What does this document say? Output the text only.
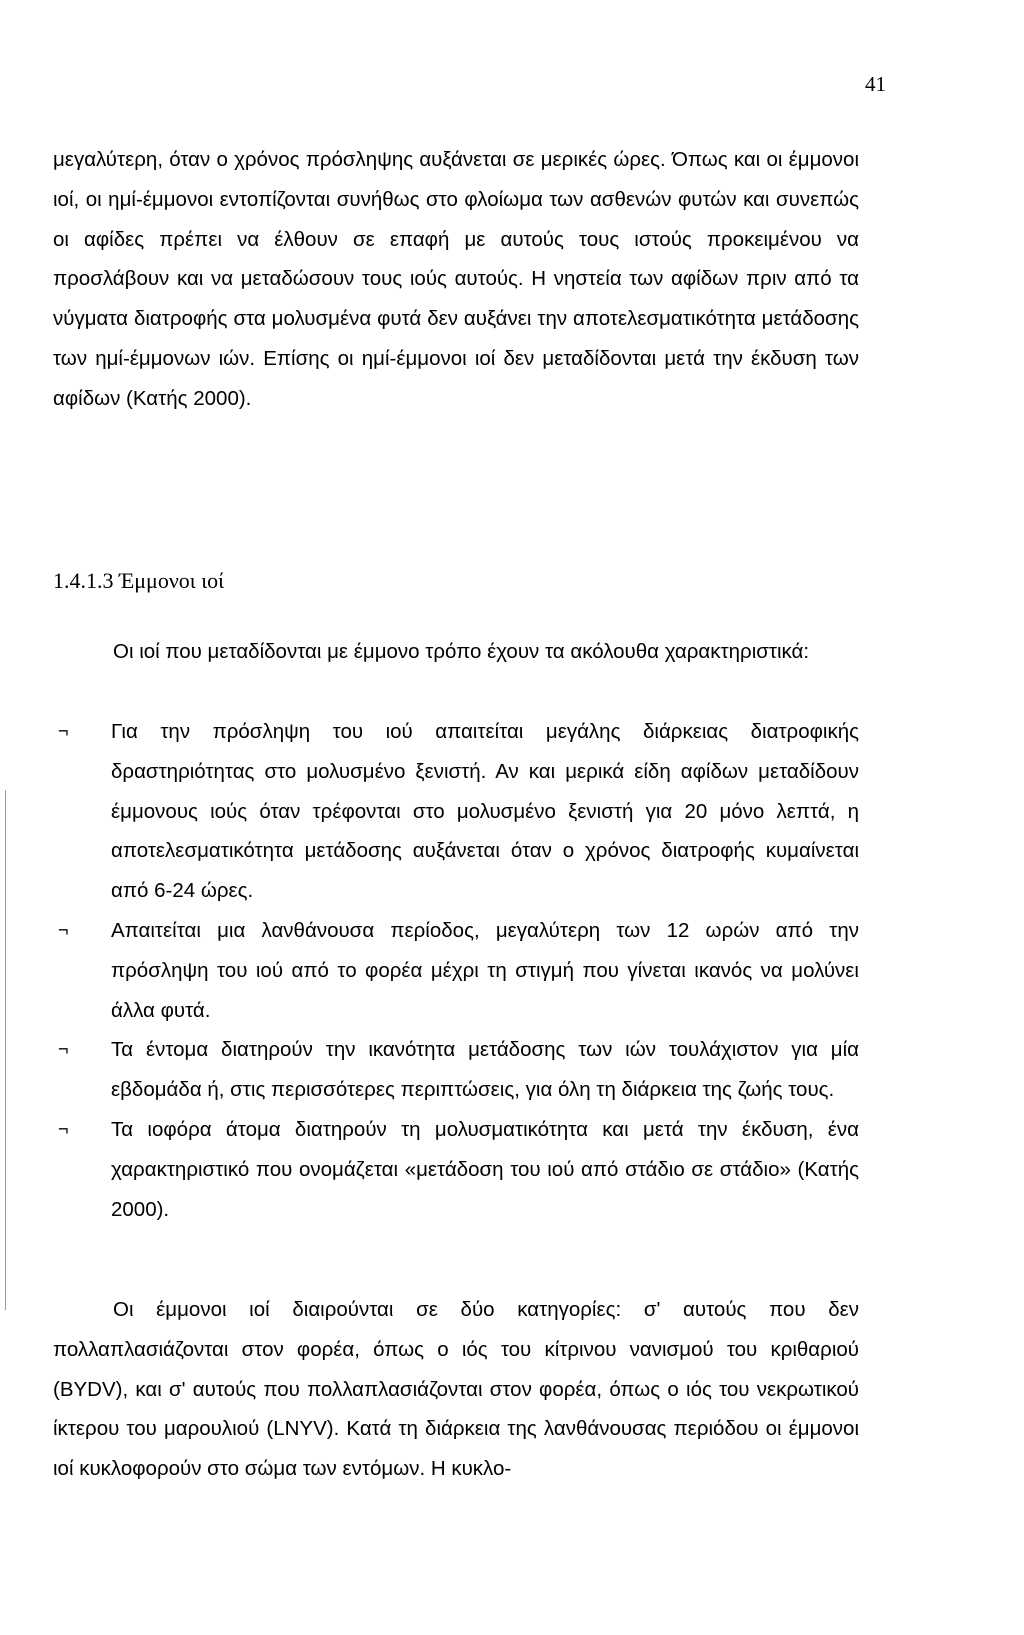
41

μεγαλύτερη, όταν ο χρόνος πρόσληψης αυξάνεται σε μερικές ώρες. Όπως και οι έμμονοι ιοί, οι ημί-έμμονοι εντοπίζονται συνήθως στο φλοίωμα των ασθενών φυτών και συνεπώς οι αφίδες πρέπει να έλθουν σε επαφή με αυτούς τους ιστούς προκειμένου να προσλάβουν και να μεταδώσουν τους ιούς αυτούς. Η νηστεία των αφίδων πριν από τα νύγματα διατροφής στα μολυσμένα φυτά δεν αυξάνει την αποτελεσματικότητα μετάδοσης των ημί-έμμονων ιών. Επίσης οι ημί-έμμονοι ιοί δεν μεταδίδονται μετά την έκδυση των αφίδων (Κατής 2000).

1.4.1.3 Έμμονοι ιοί

Οι ιοί που μεταδίδονται με έμμονο τρόπο έχουν τα ακόλουθα χαρακτηριστικά:

¬ Για την πρόσληψη του ιού απαιτείται μεγάλης διάρκειας διατροφικής δραστηριότητας στο μολυσμένο ξενιστή. Αν και μερικά είδη αφίδων μεταδίδουν έμμονους ιούς όταν τρέφονται στο μολυσμένο ξενιστή για 20 μόνο λεπτά, η αποτελεσματικότητα μετάδοσης αυξάνεται όταν ο χρόνος διατροφής κυμαίνεται από 6-24 ώρες.
¬ Απαιτείται μια λανθάνουσα περίοδος, μεγαλύτερη των 12 ωρών από την πρόσληψη του ιού από το φορέα μέχρι τη στιγμή που γίνεται ικανός να μολύνει άλλα φυτά.
¬ Τα έντομα διατηρούν την ικανότητα μετάδοσης των ιών τουλάχιστον για μία εβδομάδα ή, στις περισσότερες περιπτώσεις, για όλη τη διάρκεια της ζωής τους.
¬ Τα ιοφόρα άτομα διατηρούν τη μολυσματικότητα και μετά την έκδυση, ένα χαρακτηριστικό που ονομάζεται «μετάδοση του ιού από στάδιο σε στάδιο» (Κατής 2000).

Οι έμμονοι ιοί διαιρούνται σε δύο κατηγορίες: σ' αυτούς που δεν πολλαπλασιάζονται στον φορέα, όπως ο ιός του κίτρινου νανισμού του κριθαριού (BYDV), και σ' αυτούς που πολλαπλασιάζονται στον φορέα, όπως ο ιός του νεκρωτικού ίκτερου του μαρουλιού (LNYV). Κατά τη διάρκεια της λανθάνουσας περιόδου οι έμμονοι ιοί κυκλοφορούν στο σώμα των εντόμων. Η κυκλο-
